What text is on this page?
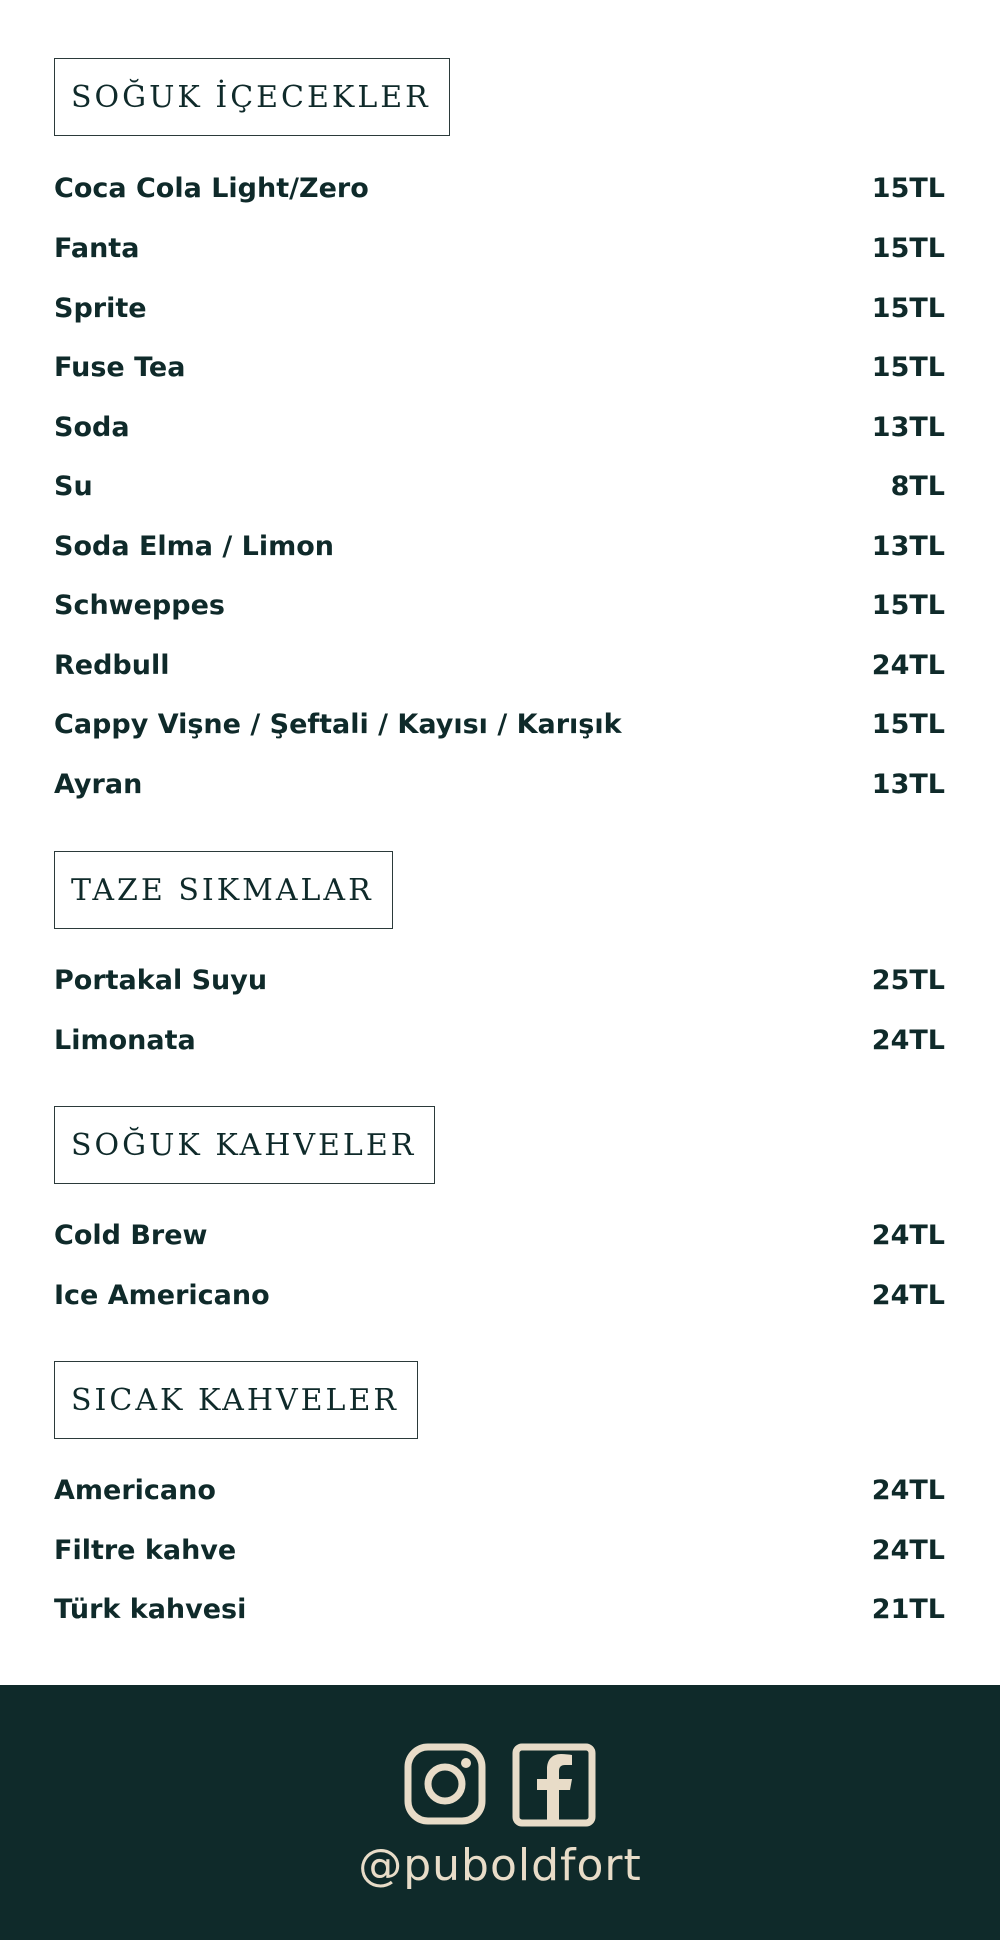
SOĞUK İÇECEKLER
Coca Cola Light/Zero	15TL
Fanta	15TL
Sprite	15TL
Fuse Tea	15TL
Soda	13TL
Su	8TL
Soda Elma / Limon	13TL
Schweppes	15TL
Redbull	24TL
Cappy Vişne / Şeftali / Kayısı / Karışık	15TL
Ayran	13TL
TAZE SIKMALAR
Portakal Suyu	25TL
Limonata	24TL
SOĞUK KAHVELER
Cold Brew	24TL
Ice Americano	24TL
SICAK KAHVELER
Americano	24TL
Filtre kahve	24TL
Türk kahvesi	21TL
@puboldfort
